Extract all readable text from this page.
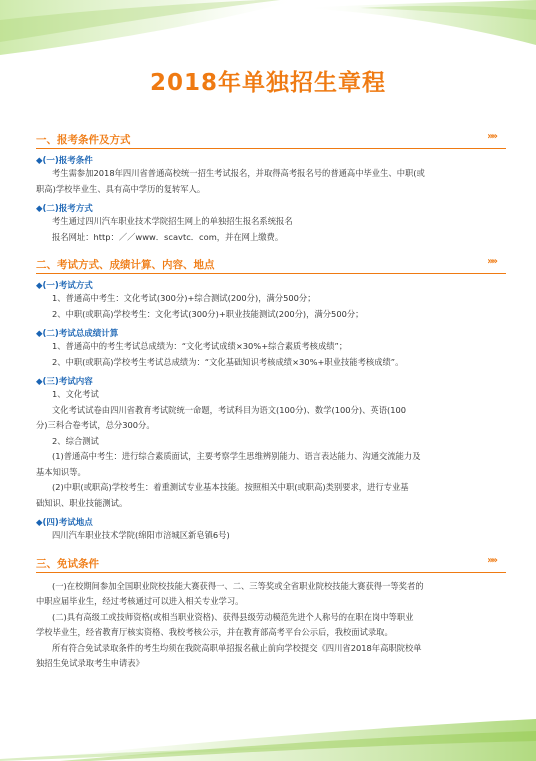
2018年单独招生章程
一、报考条件及方式	»»
◆(一)报考条件
考生需参加2018年四川省普通高校统一招生考试报名，并取得高考报名号的普通高中毕业生、中职(或
职高)学校毕业生、具有高中学历的复转军人。
◆(二)报考方式
考生通过四川汽车职业技术学院招生网上的单独招生报名系统报名
报名网址：http：／／www．scavtc．com，并在网上缴费。
二、考试方式、成绩计算、内容、地点	»»
◆(一)考试方式
1、普通高中考生：文化考试(300分)+综合测试(200分)，满分500分；
2、中职(或职高)学校考生：文化考试(300分)+职业技能测试(200分)，满分500分；
◆(二)考试总成绩计算
1、普通高中的考生考试总成绩为：“文化考试成绩×30%+综合素质考核成绩”；
2、中职(或职高)学校考生考试总成绩为：“文化基础知识考核成绩×30%+职业技能考核成绩”。
◆(三)考试内容
1、文化考试
文化考试试卷由四川省教育考试院统一命题，考试科目为语文(100分)、数学(100分)、英语(100
分)三科合卷考试，总分300分。
2、综合测试
(1)普通高中考生：进行综合素质面试，主要考察学生思维辨别能力、语言表达能力、沟通交流能力及
基本知识等。
(2)中职(或职高)学校考生：着重测试专业基本技能。按照相关中职(或职高)类别要求，进行专业基
础知识、职业技能测试。
◆(四)考试地点
四川汽车职业技术学院(绵阳市涪城区新皂镇6号)
三、免试条件	»»
(一)在校期间参加全国职业院校技能大赛获得一、二、三等奖或全省职业院校技能大赛获得一等奖者的
中职应届毕业生，经过考核通过可以进入相关专业学习。
(二)具有高级工或技师资格(或相当职业资格)、获得县级劳动模范先进个人称号的在职在岗中等职业
学校毕业生，经省教育厅核实资格、我校考核公示，并在教育部高考平台公示后，我校面试录取。
所有符合免试录取条件的考生均须在我院高职单招报名截止前向学校提交《四川省2018年高职院校单
独招生免试录取考生申请表》
